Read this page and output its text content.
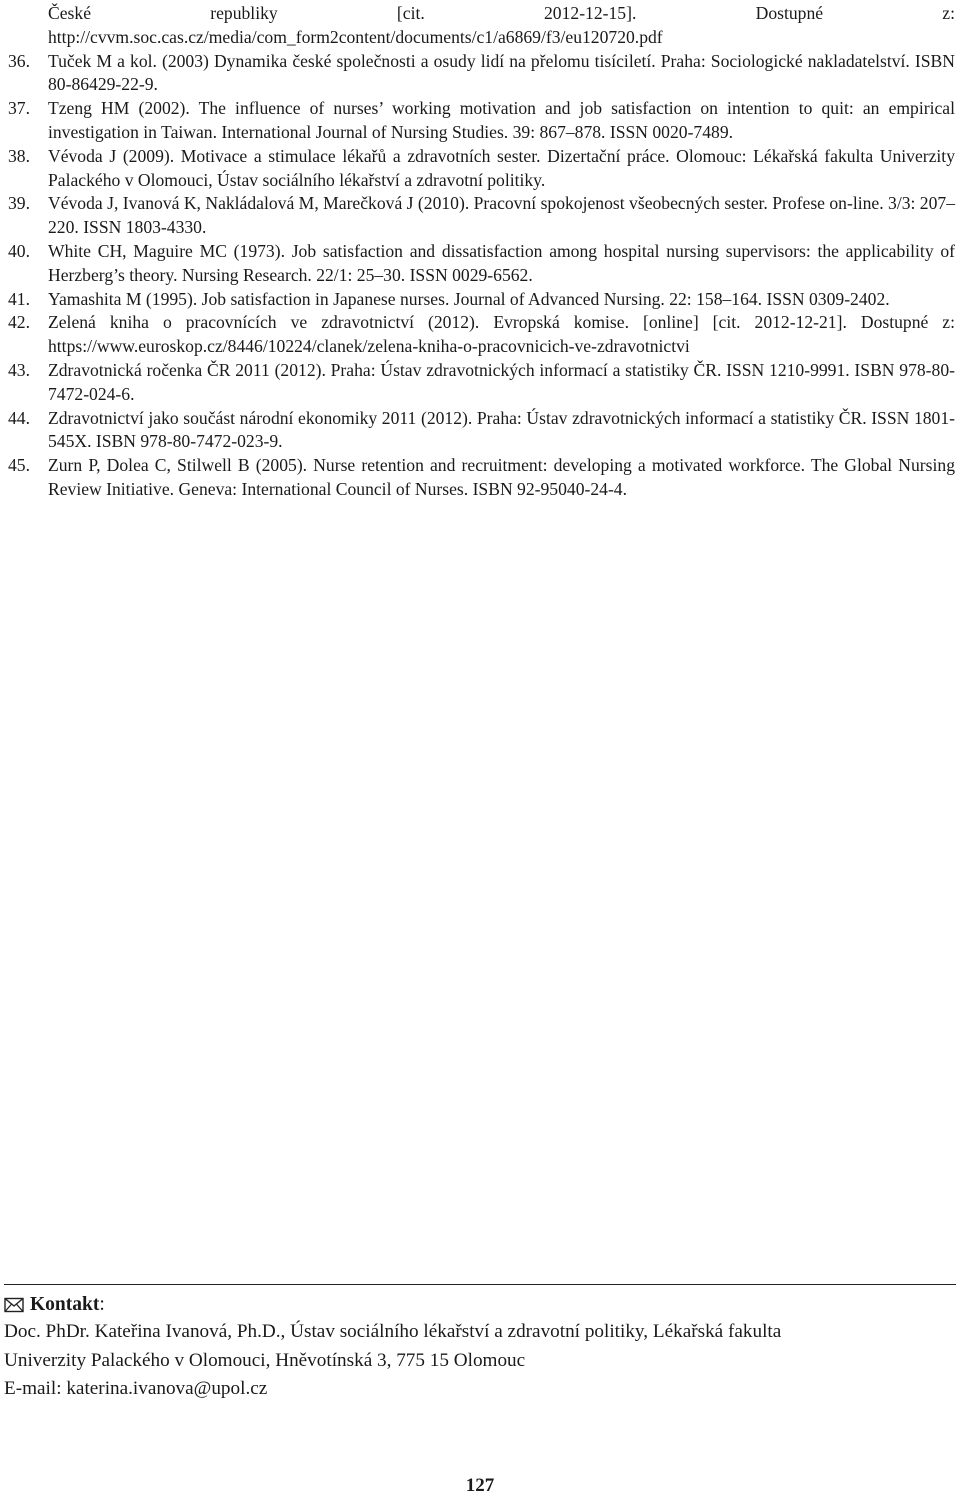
České republiky [cit. 2012-12-15]. Dostupné z: http://cvvm.soc.cas.cz/media/com_form2content/documents/c1/a6869/f3/eu120720.pdf
36. Tuček M a kol. (2003) Dynamika české společnosti a osudy lidí na přelomu tisíciletí. Praha: Sociologické nakladatelství. ISBN 80-86429-22-9.
37. Tzeng HM (2002). The influence of nurses’ working motivation and job satisfaction on intention to quit: an empirical investigation in Taiwan. International Journal of Nursing Studies. 39: 867–878. ISSN 0020-7489.
38. Vévoda J (2009). Motivace a stimulace lékařů a zdravotních sester. Dizertační práce. Olomouc: Lékařská fakulta Univerzity Palackého v Olomouci, Ústav sociálního lékařství a zdravotní politiky.
39. Vévoda J, Ivanová K, Nakládalová M, Marečková J (2010). Pracovní spokojenost všeobecných sester. Profese on-line. 3/3: 207–220. ISSN 1803-4330.
40. White CH, Maguire MC (1973). Job satisfaction and dissatisfaction among hospital nursing supervisors: the applicability of Herzberg’s theory. Nursing Research. 22/1: 25–30. ISSN 0029-6562.
41. Yamashita M (1995). Job satisfaction in Japanese nurses. Journal of Advanced Nursing. 22: 158–164. ISSN 0309-2402.
42. Zelená kniha o pracovnících ve zdravotnictví (2012). Evropská komise. [online] [cit. 2012-12-21]. Dostupné z: https://www.euroskop.cz/8446/10224/clanek/zelena-kniha-o-pracovnicich-ve-zdravotnictvi
43. Zdravotnická ročenka ČR 2011 (2012). Praha: Ústav zdravotnických informací a statistiky ČR. ISSN 1210-9991. ISBN 978-80-7472-024-6.
44. Zdravotnictví jako součást národní ekonomiky 2011 (2012). Praha: Ústav zdravotnických informací a statistiky ČR. ISSN 1801-545X. ISBN 978-80-7472-023-9.
45. Zurn P, Dolea C, Stilwell B (2005). Nurse retention and recruitment: developing a motivated workforce. The Global Nursing Review Initiative. Geneva: International Council of Nurses. ISBN 92-95040-24-4.
Kontakt :

Doc. PhDr. Kateřina Ivanová, Ph.D., Ústav sociálního lékařství a zdravotní politiky, Lékařská fakulta

Univerzity Palackého v Olomouci, Hněvotínská 3, 775 15 Olomouc

E-mail: katerina.ivanova@upol.cz

127
